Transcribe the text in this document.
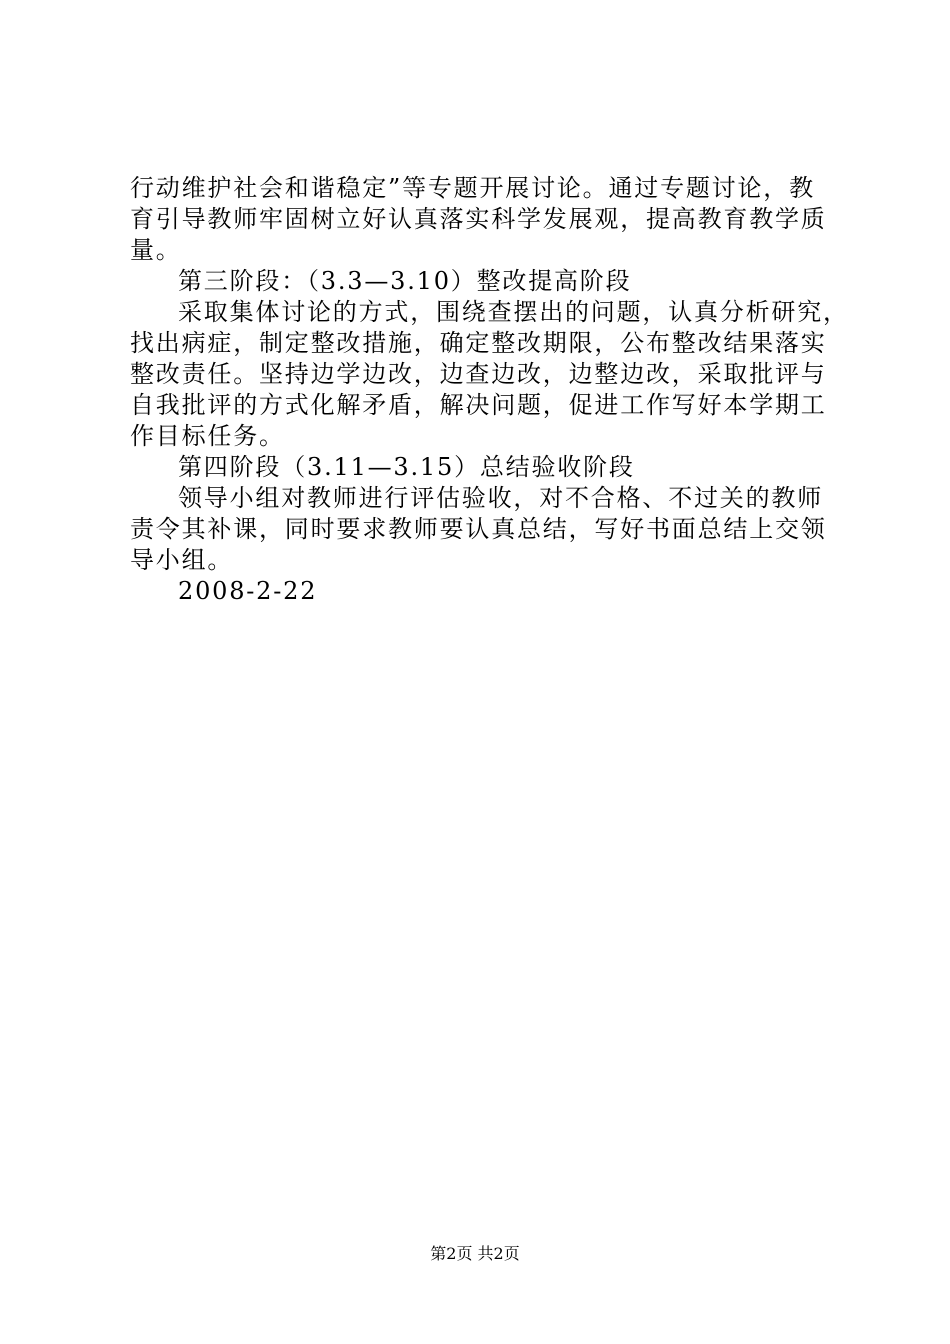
行动维护社会和谐稳定”等专题开展讨论。通过专题讨论，教
育引导教师牢固树立好认真落实科学发展观，提高教育教学质
量。
第三阶段：（3.3—3.10）整改提高阶段
采取集体讨论的方式，围绕查摆出的问题，认真分析研究，
找出病症，制定整改措施，确定整改期限，公布整改结果落实
整改责任。坚持边学边改，边查边改，边整边改，采取批评与
自我批评的方式化解矛盾，解决问题，促进工作写好本学期工
作目标任务。
第四阶段（3.11—3.15）总结验收阶段
领导小组对教师进行评估验收，对不合格、不过关的教师
责令其补课，同时要求教师要认真总结，写好书面总结上交领
导小组。
2008-2-22
第2页 共2页
